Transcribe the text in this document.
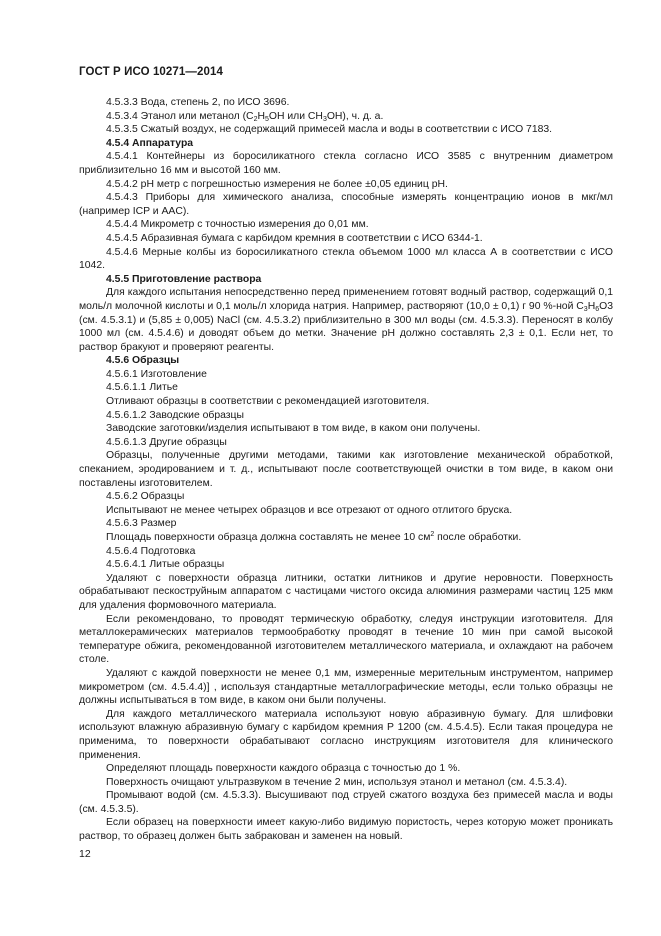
ГОСТ Р ИСО 10271—2014

4.5.3.3 Вода, степень 2, по ИСО 3696.

4.5.3.4 Этанол или метанол ($C_2H_5OH$ или $CH_3OH$), ч. д. а.

4.5.3.5 Сжатый воздух, не содержащий примесей масла и воды в соответствии с ИСО 7183.

4.5.4 Аппаратура

4.5.4.1 Контейнеры из боросиликатного стекла согласно ИСО 3585 с внутренним диаметром приблизительно 16 мм и высотой 160 мм.

4.5.4.2 pH метр с погрешностью измерения не более ±0,05 единиц pH.

4.5.4.3 Приборы для химического анализа, способные измерять концентрацию ионов в мкг/мл (например ICP и AAC).

4.5.4.4 Микрометр с точностью измерения до 0,01 мм.

4.5.4.5 Абразивная бумага с карбидом кремния в соответствии с ИСО 6344-1.

4.5.4.6 Мерные колбы из боросиликатного стекла объемом 1000 мл класса А в соответствии с ИСО 1042.

4.5.5 Приготовление раствора

Для каждого испытания непосредственно перед применением готовят водный раствор, содержащий 0,1 моль/л молочной кислоты и 0,1 моль/л хлорида натрия. Например, растворяют (10,0 ± 0,1) г 90 %-ной $C_3H_6O3$ (см. 4.5.3.1) и (5,85 ± 0,005) NaCl (см. 4.5.3.2) приблизительно в 300 мл воды (см. 4.5.3.3). Переносят в колбу 1000 мл (см. 4.5.4.6) и доводят объем до метки. Значение pH должно составлять 2,3 ± 0,1. Если нет, то раствор бракуют и проверяют реагенты.

4.5.6 Образцы

4.5.6.1 Изготовление

4.5.6.1.1 Литье

Отливают образцы в соответствии с рекомендацией изготовителя.

4.5.6.1.2 Заводские образцы

Заводские заготовки/изделия испытывают в том виде, в каком они получены.

4.5.6.1.3 Другие образцы

Образцы, полученные другими методами, такими как изготовление механической обработкой, спеканием, эродированием и т. д., испытывают после соответствующей очистки в том виде, в каком они поставлены изготовителем.

4.5.6.2 Образцы

Испытывают не менее четырех образцов и все отрезают от одного отлитого бруска.

4.5.6.3 Размер

Площадь поверхности образца должна составлять не менее 10 $см^2$ после обработки.

4.5.6.4 Подготовка

4.5.6.4.1 Литые образцы

Удаляют с поверхности образца литники, остатки литников и другие неровности. Поверхность обрабатывают пескоструйным аппаратом с частицами чистого оксида алюминия размерами частиц 125 мкм для удаления формовочного материала.

Если рекомендовано, то проводят термическую обработку, следуя инструкции изготовителя. Для металлокерамических материалов термообработку проводят в течение 10 мин при самой высокой температуре обжига, рекомендованной изготовителем металлического материала, и охлаждают на рабочем столе.

Удаляют с каждой поверхности не менее 0,1 мм, измеренные мерительным инструментом, например микрометром (см. 4.5.4.4)] , используя стандартные металлографические методы, если только образцы не должны испытываться в том виде, в каком они были получены.

Для каждого металлического материала используют новую абразивную бумагу. Для шлифовки используют влажную абразивную бумагу с карбидом кремния Р 1200 (см. 4.5.4.5). Если такая процедура не применима, то поверхности обрабатывают согласно инструкциям изготовителя для клинического применения.

Определяют площадь поверхности каждого образца с точностью до 1 %.

Поверхность очищают ультразвуком в течение 2 мин, используя этанол и метанол (см. 4.5.3.4).

Промывают водой (см. 4.5.3.3). Высушивают под струей сжатого воздуха без примесей масла и воды (см. 4.5.3.5).

Если образец на поверхности имеет какую-либо видимую пористость, через которую может проникать раствор, то образец должен быть забракован и заменен на новый.

12
